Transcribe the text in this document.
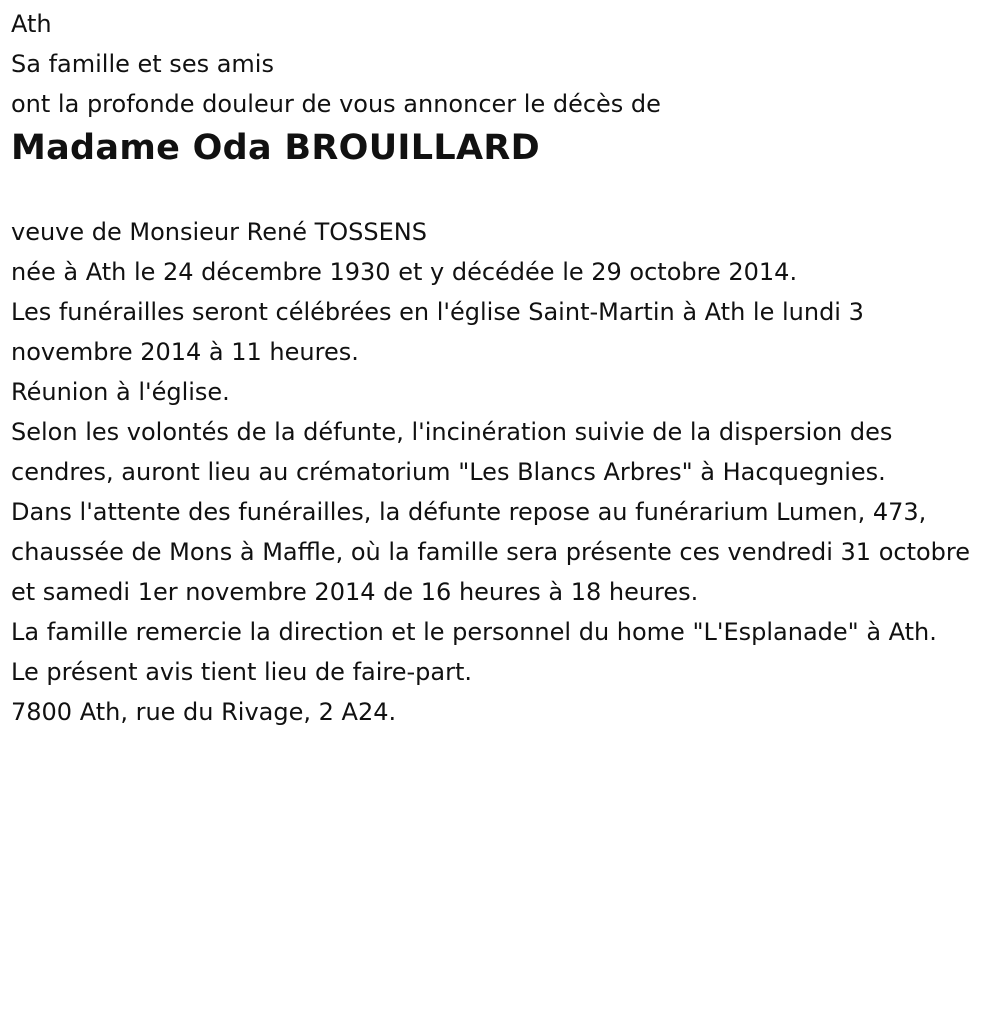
Ath

Sa famille et ses amis

ont la profonde douleur de vous annoncer le décès de

Madame Oda BROUILLARD

veuve de Monsieur René TOSSENS

née à Ath le 24 décembre 1930 et y décédée le 29 octobre 2014.

Les funérailles seront célébrées en l'église Saint-Martin à Ath le lundi 3 novembre 2014 à 11 heures.

Réunion à l'église.

Selon les volontés de la défunte, l'incinération suivie de la dispersion des cendres, auront lieu au crématorium "Les Blancs Arbres" à Hacquegnies.

Dans l'attente des funérailles, la défunte repose au funérarium Lumen, 473, chaussée de Mons à Maffle, où la famille sera présente ces vendredi 31 octobre et samedi 1er novembre 2014 de 16 heures à 18 heures.

La famille remercie la direction et le personnel du home "L'Esplanade" à Ath.

Le présent avis tient lieu de faire-part.

7800 Ath, rue du Rivage, 2 A24.
